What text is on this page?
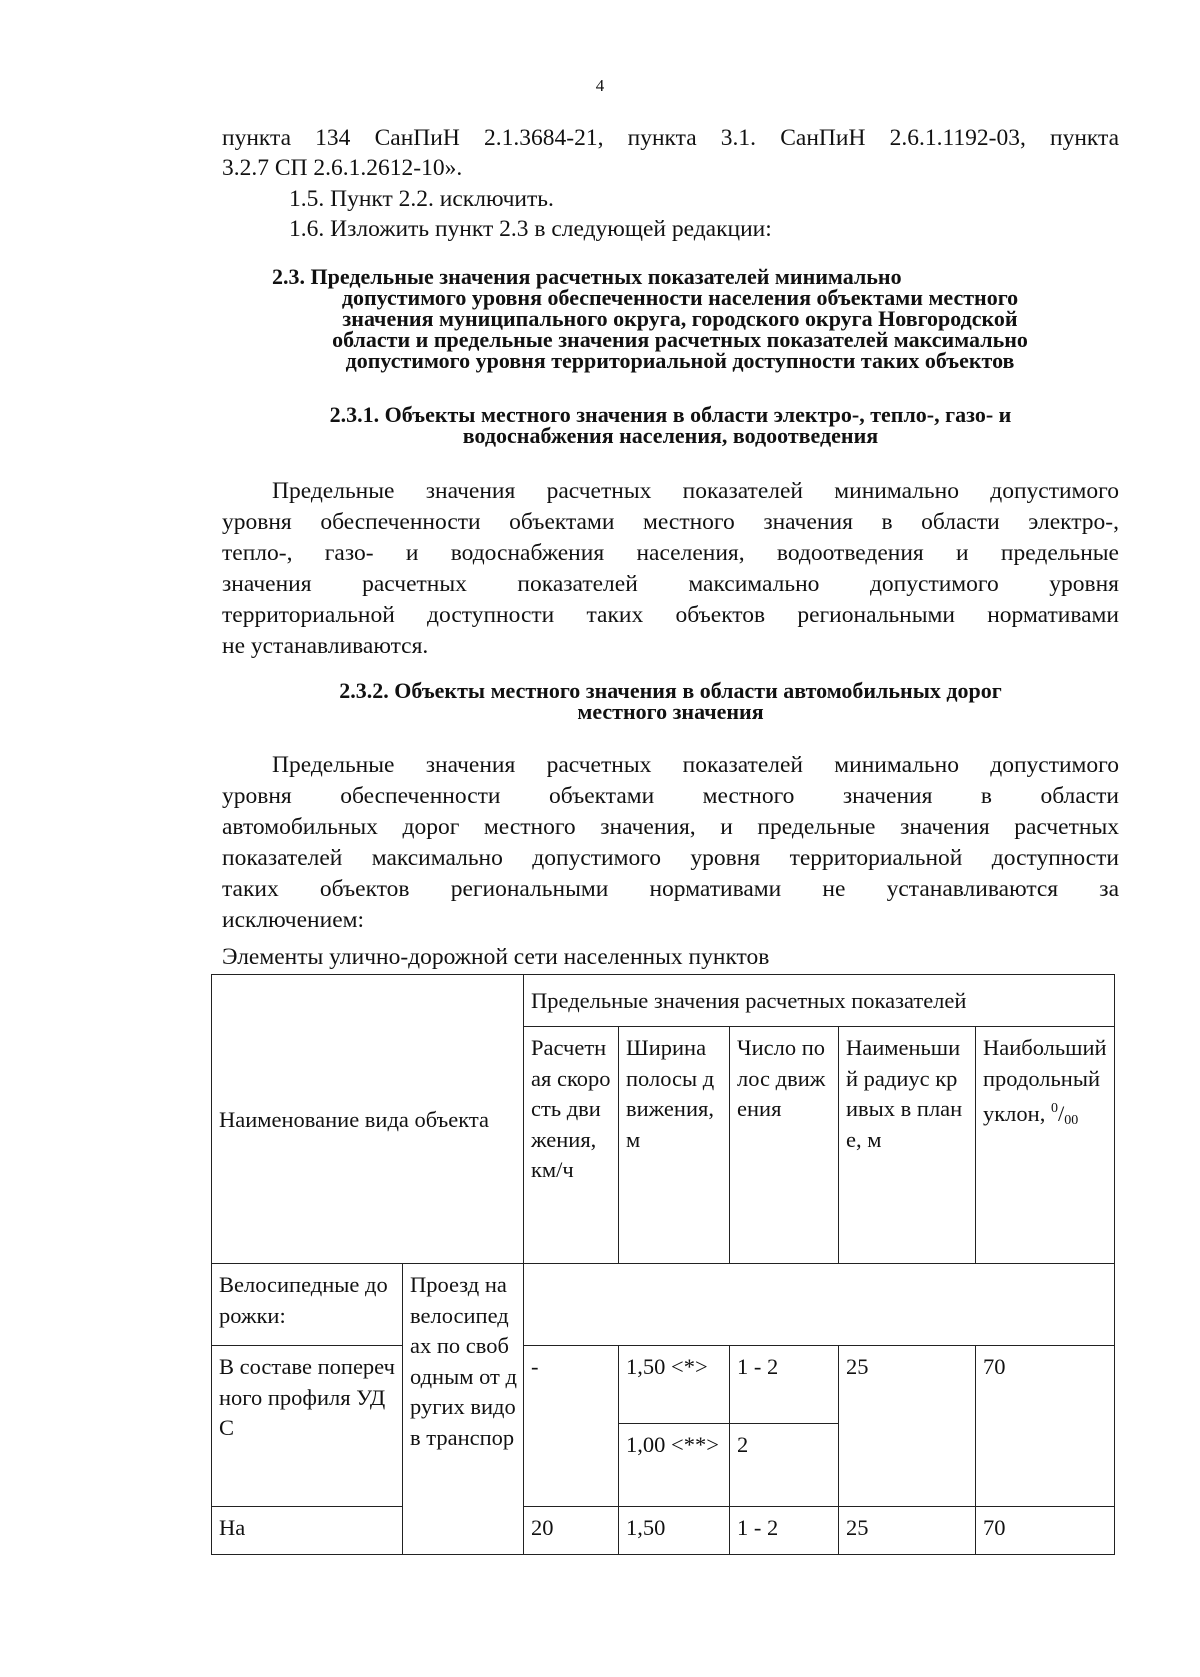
4
пункта 134 СанПиН 2.1.3684-21, пункта 3.1. СанПиН 2.6.1.1192-03, пункта
3.2.7 СП 2.6.1.2612-10».
1.5. Пункт 2.2. исключить.
1.6. Изложить пункт 2.3 в следующей редакции:
2.3. Предельные значения расчетных показателей минимально
допустимого уровня обеспеченности населения объектами местного
значения муниципального округа, городского округа Новгородской
области и предельные значения расчетных показателей максимально
допустимого уровня территориальной доступности таких объектов
2.3.1. Объекты местного значения в области электро-, тепло-, газо- и
водоснабжения населения, водоотведения
Предельные значения расчетных показателей минимально допустимого
уровня обеспеченности объектами местного значения в области электро-,
тепло-, газо- и водоснабжения населения, водоотведения и предельные
значения расчетных показателей максимально допустимого уровня
территориальной доступности таких объектов региональными нормативами
не устанавливаются.
2.3.2. Объекты местного значения в области автомобильных дорог
местного значения
Предельные значения расчетных показателей минимально допустимого
уровня обеспеченности объектами местного значения в области
автомобильных дорог местного значения, и предельные значения расчетных
показателей максимально допустимого уровня территориальной доступности
таких объектов региональными нормативами не устанавливаются за
исключением:
Элементы улично-дорожной сети населенных пунктов
Наименование вида объекта		Предельные значения расчетных показателей				
		Расчетная скорость движения, км/ч	Ширина полосы движения, м	Число полос движения	Наименьший радиус кривых в плане, м	Наибольший продольный уклон, $^0/_{00}$
Велосипедные дорожки:	Проезд на велосипедах по свободным от других видов транспор					
В составе поперечного профиля УДС		-	1,50 <*>	1 - 2	25	70
			1,00 <**>	2		
На		20	1,50	1 - 2	25	70
